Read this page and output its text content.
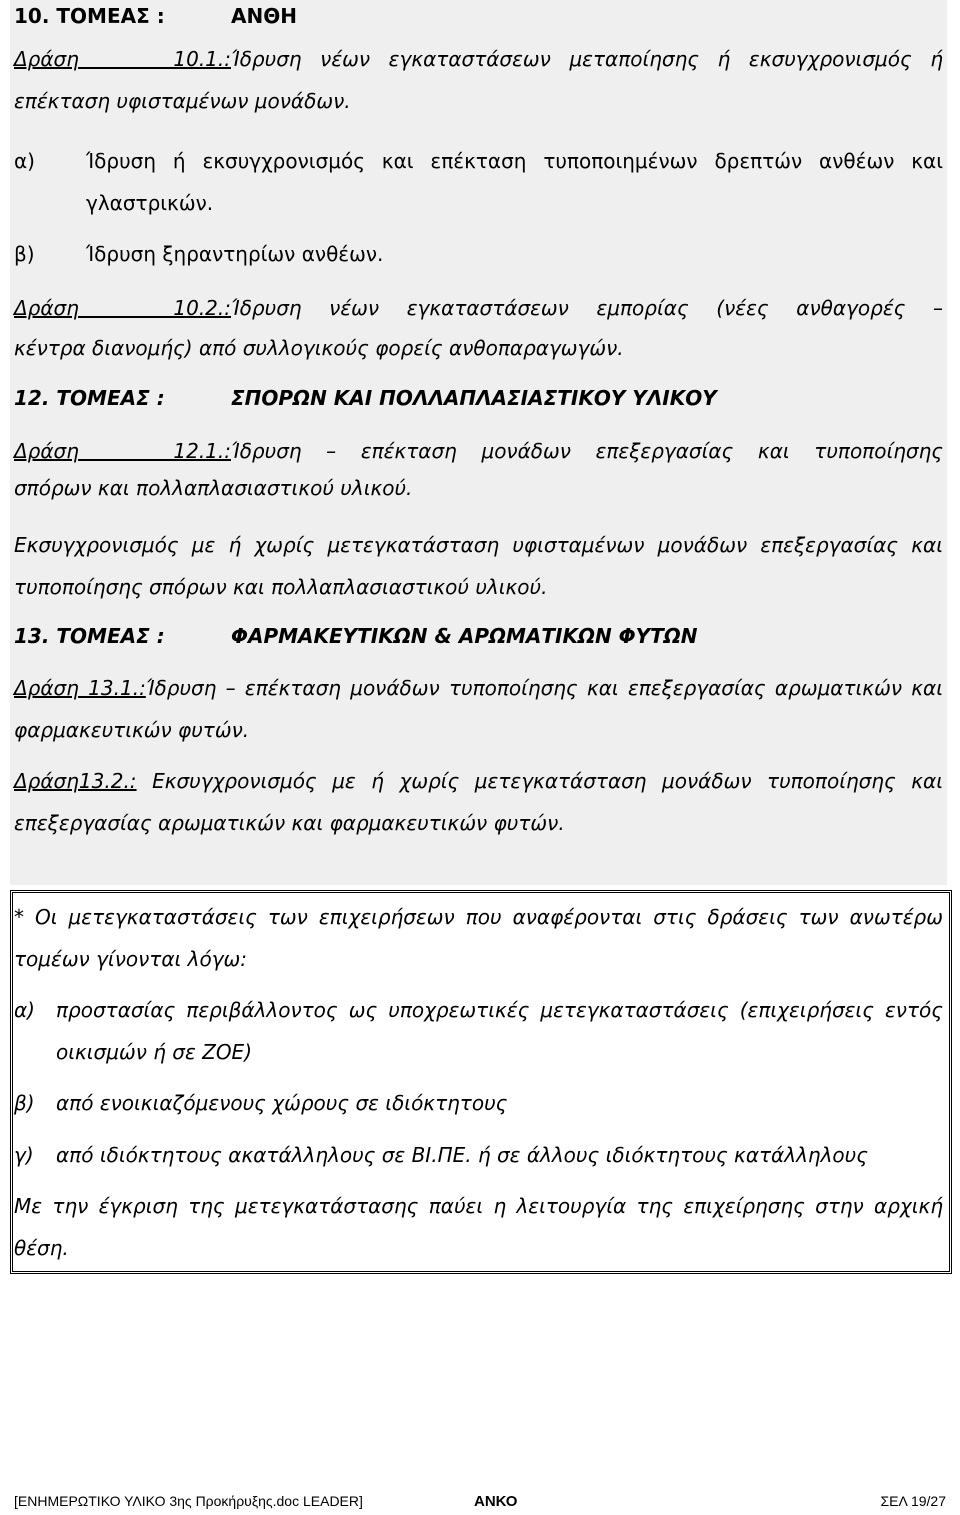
10. ΤΟΜΕΑΣ :	ΑΝΘΗ

Δράση 10.1.:Ίδρυση νέων εγκαταστάσεων μεταποίησης ή εκσυγχρονισμός ή

επέκταση υφισταμένων μονάδων.

α)	Ίδρυση ή εκσυγχρονισμός και επέκταση τυποποιημένων δρεπτών ανθέων και γλαστρικών.
β)	Ίδρυση ξηραντηρίων ανθέων.

Δράση 10.2.:Ίδρυση νέων εγκαταστάσεων εμπορίας (νέες ανθαγορές –

κέντρα διανομής) από συλλογικούς φορείς ανθοπαραγωγών.

12. ΤΟΜΕΑΣ :	ΣΠΟΡΩΝ ΚΑΙ ΠΟΛΛΑΠΛΑΣΙΑΣΤΙΚΟΥ ΥΛΙΚΟΥ

Δράση 12.1.:Ίδρυση – επέκταση μονάδων επεξεργασίας και τυποποίησης

σπόρων και πολλαπλασιαστικού υλικού.

Εκσυγχρονισμός με ή χωρίς μετεγκατάσταση υφισταμένων μονάδων επεξεργασίας και τυποποίησης σπόρων και πολλαπλασιαστικού υλικού.

13. ΤΟΜΕΑΣ :	ΦΑΡΜΑΚΕΥΤΙΚΩΝ & ΑΡΩΜΑΤΙΚΩΝ ΦΥΤΩΝ

Δράση 13.1.:Ίδρυση – επέκταση μονάδων τυποποίησης και επεξεργασίας αρωματικών και φαρμακευτικών φυτών.

Δράση13.2.: Εκσυγχρονισμός με ή χωρίς μετεγκατάσταση μονάδων τυποποίησης και επεξεργασίας αρωματικών και φαρμακευτικών φυτών.

* Οι μετεγκαταστάσεις των επιχειρήσεων που αναφέρονται στις δράσεις των ανωτέρω τομέων γίνονται λόγω:

α) προστασίας περιβάλλοντος ως υποχρεωτικές μετεγκαταστάσεις (επιχειρήσεις εντός οικισμών ή σε ΖΟΕ)
β) από ενοικιαζόμενους χώρους σε ιδιόκτητους
γ) από ιδιόκτητους ακατάλληλους σε ΒΙ.ΠΕ. ή σε άλλους ιδιόκτητους κατάλληλους

Με την έγκριση της μετεγκατάστασης παύει η λειτουργία της επιχείρησης στην αρχική θέση.

[ΕΝΗΜΕΡΩΤΙΚΟ ΥΛΙΚΟ 3ης Προκήρυξης.doc LEADER]	ΑΝΚΟ	ΣΕΛ 19/27
